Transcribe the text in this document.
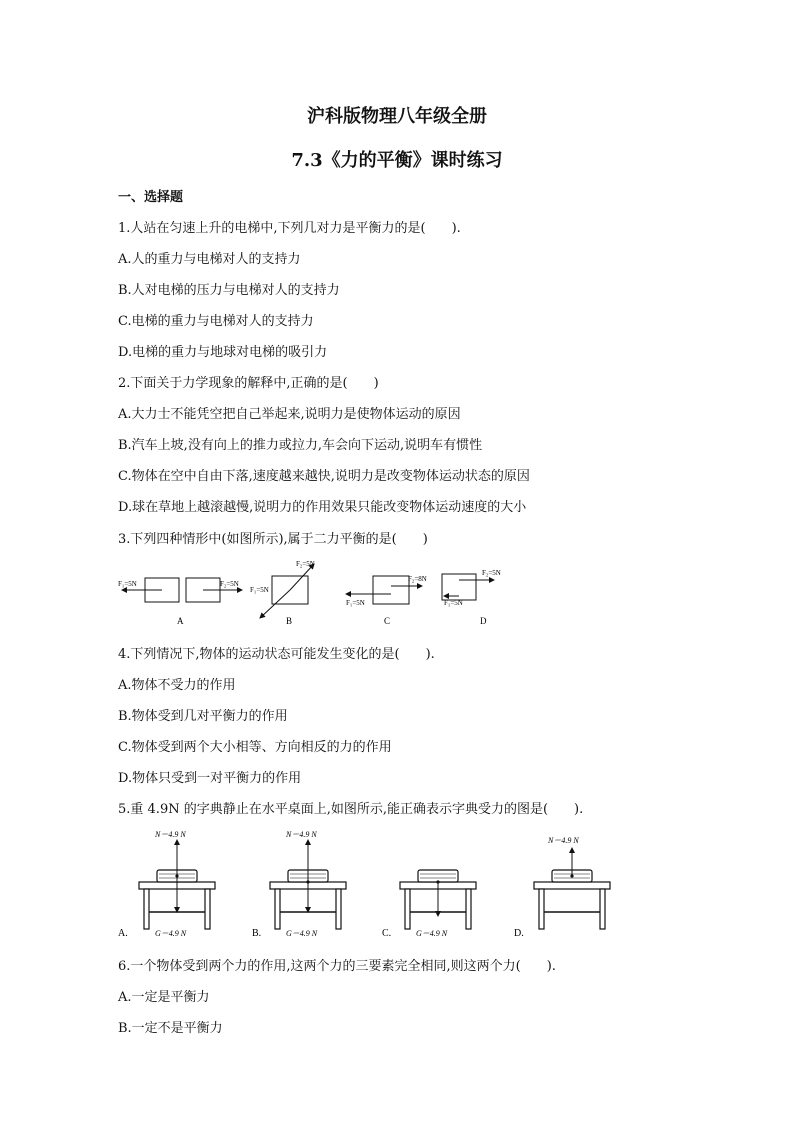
沪科版物理八年级全册
7.3《力的平衡》课时练习
一、选择题
1.人站在匀速上升的电梯中,下列几对力是平衡力的是(　　).
A.人的重力与电梯对人的支持力
B.人对电梯的压力与电梯对人的支持力
C.电梯的重力与电梯对人的支持力
D.电梯的重力与地球对电梯的吸引力
2.下面关于力学现象的解释中,正确的是(　　)
A.大力士不能凭空把自己举起来,说明力是使物体运动的原因
B.汽车上坡,没有向上的推力或拉力,车会向下运动,说明车有惯性
C.物体在空中自由下落,速度越来越快,说明力是改变物体运动状态的原因
D.球在草地上越滚越慢,说明力的作用效果只能改变物体运动速度的大小
3.下列四种情形中(如图所示),属于二力平衡的是(　　)
F₁=5N	F₂=5N
A
F₂=5N
F₁=5N
B
F₂=8N
F₁=5N
C
F₂=5N
F₁=5N
D
4.下列情况下,物体的运动状态可能发生变化的是(　　).
A.物体不受力的作用
B.物体受到几对平衡力的作用
C.物体受到两个大小相等、方向相反的力的作用
D.物体只受到一对平衡力的作用
5.重 4.9N 的字典静止在水平桌面上,如图所示,能正确表示字典受力的图是(　　).
N＝4.9 N
G＝4.9 N
A.
N＝4.9 N
G＝4.9 N
B.	G＝4.9 N
C.
N＝4.9 N
D.
6.一个物体受到两个力的作用,这两个力的三要素完全相同,则这两个力(　　).
A.一定是平衡力
B.一定不是平衡力
